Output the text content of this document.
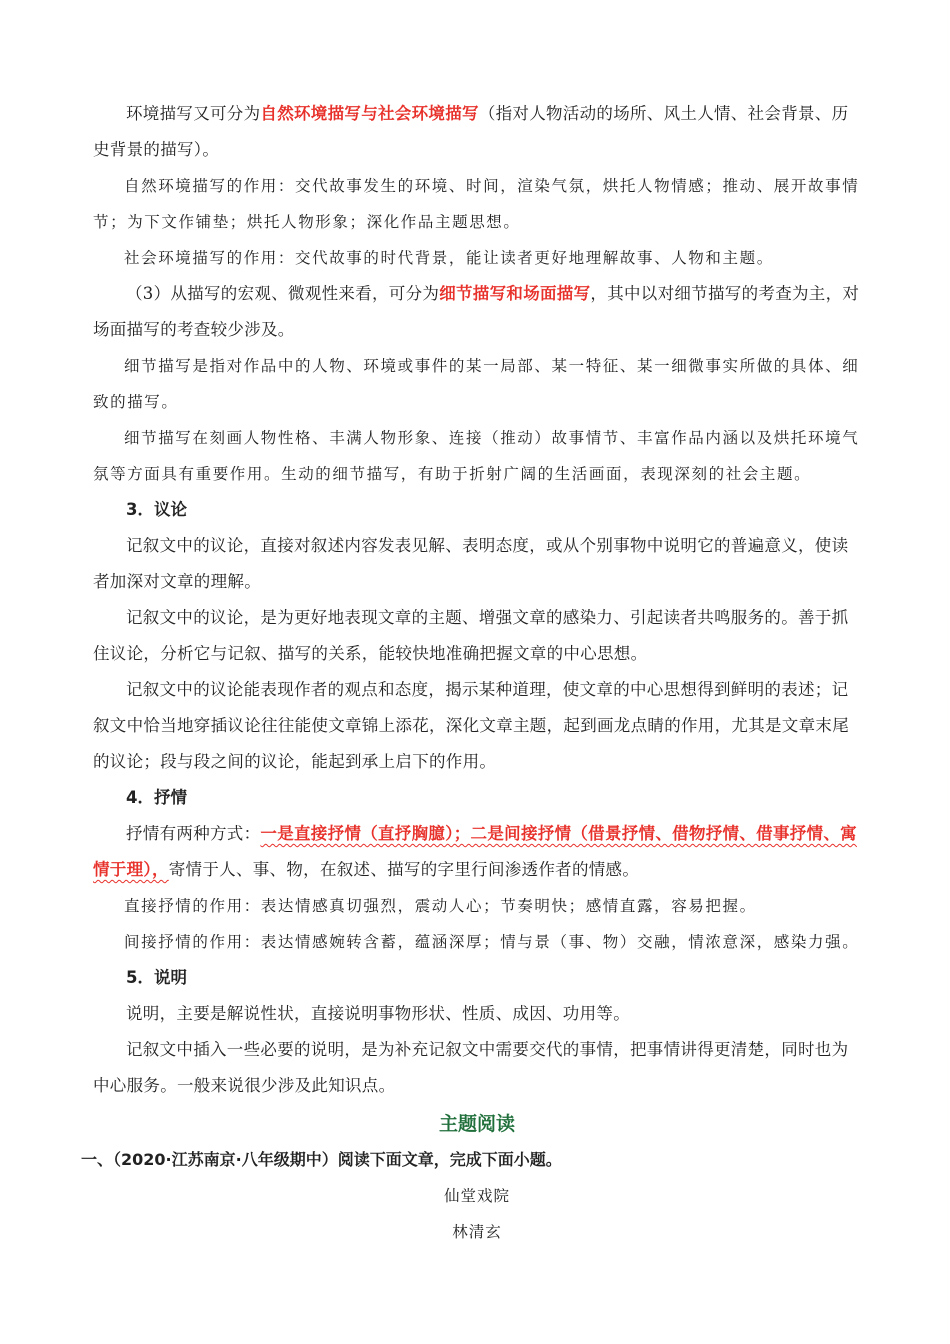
环境描写又可分为自然环境描写与社会环境描写（指对人物活动的场所、风土人情、社会背景、历史背景的描写）。

自然环境描写的作用：交代故事发生的环境、时间，渲染气氛，烘托人物情感；推动、展开故事情节；为下文作铺垫；烘托人物形象；深化作品主题思想。

社会环境描写的作用：交代故事的时代背景，能让读者更好地理解故事、人物和主题。

（3）从描写的宏观、微观性来看，可分为细节描写和场面描写，其中以对细节描写的考查为主，对场面描写的考查较少涉及。

细节描写是指对作品中的人物、环境或事件的某一局部、某一特征、某一细微事实所做的具体、细致的描写。

细节描写在刻画人物性格、丰满人物形象、连接（推动）故事情节、丰富作品内涵以及烘托环境气氛等方面具有重要作用。生动的细节描写，有助于折射广阔的生活画面，表现深刻的社会主题。

3．议论

记叙文中的议论，直接对叙述内容发表见解、表明态度，或从个别事物中说明它的普遍意义，使读者加深对文章的理解。

记叙文中的议论，是为更好地表现文章的主题、增强文章的感染力、引起读者共鸣服务的。善于抓住议论，分析它与记叙、描写的关系，能较快地准确把握文章的中心思想。

记叙文中的议论能表现作者的观点和态度，揭示某种道理，使文章的中心思想得到鲜明的表述；记叙文中恰当地穿插议论往往能使文章锦上添花，深化文章主题，起到画龙点睛的作用，尤其是文章末尾的议论；段与段之间的议论，能起到承上启下的作用。

4．抒情

抒情有两种方式：一是直接抒情（直抒胸臆）；二是间接抒情（借景抒情、借物抒情、借事抒情、寓情于理），寄情于人、事、物，在叙述、描写的字里行间渗透作者的情感。

直接抒情的作用：表达情感真切强烈，震动人心；节奏明快；感情直露，容易把握。

间接抒情的作用：表达情感婉转含蓄，蕴涵深厚；情与景（事、物）交融，情浓意深，感染力强。

5．说明

说明，主要是解说性状，直接说明事物形状、性质、成因、功用等。

记叙文中插入一些必要的说明，是为补充记叙文中需要交代的事情，把事情讲得更清楚，同时也为中心服务。一般来说很少涉及此知识点。

主题阅读
一、（2020·江苏南京·八年级期中）阅读下面文章，完成下面小题。

仙堂戏院

林清玄
